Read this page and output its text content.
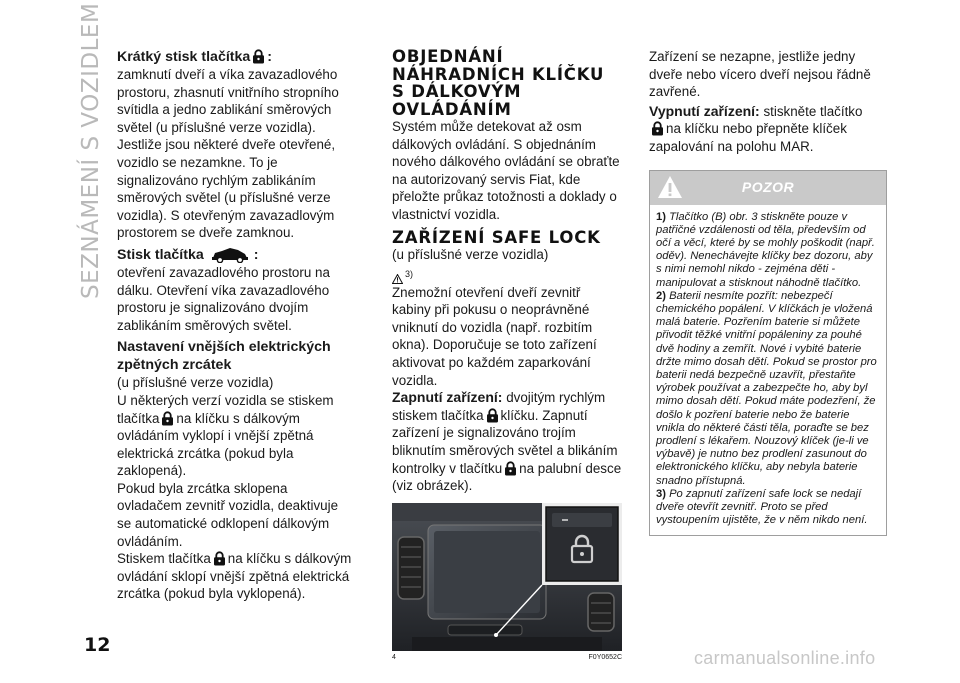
SEZNÁMENÍ S VOZIDLEM
12
Krátký stisk tlačítka :

zamknutí dveří a víka zavazadlového prostoru, zhasnutí vnitřního stropního svítidla a jedno zablikání směrových světel (u příslušné verze vozidla). Jestliže jsou některé dveře otevřené, vozidlo se nezamkne. To je signalizováno rychlým zablikáním směrových světel (u příslušné verze vozidla). S otevřeným zavazadlovým prostorem se dveře zamknou.

Stisk tlačítka	:

otevření zavazadlového prostoru na dálku. Otevření víka zavazadlového prostoru je signalizováno dvojím zablikáním směrových světel.

Nastavení vnějších elektrických zpětných zrcátek

(u příslušné verze vozidla)

U některých verzí vozidla se stiskem tlačítka na klíčku s dálkovým ovládáním vyklopí i vnější zpětná elektrická zrcátka (pokud byla zaklopená).

Pokud byla zrcátka sklopena ovladačem zevnitř vozidla, deaktivuje se automatické odklopení dálkovým ovládáním.

Stiskem tlačítka na klíčku s dálkovým ovládání sklopí vnější zpětná elektrická zrcátka (pokud byla vyklopená).

OBJEDNÁNÍ NÁHRADNÍCH KLÍČKU S DÁLKOVÝM OVLÁDÁNÍM

Systém může detekovat až osm dálkových ovládání. S objednáním nového dálkového ovládání se obraťte na autorizovaný servis Fiat, kde přeložte průkaz totožnosti a doklady o vlastnictví vozidla.

ZAŘÍZENÍ SAFE LOCK

(u příslušné verze vozidla)

3)

Znemožní otevření dveří zevnitř kabiny při pokusu o neoprávněné vniknutí do vozidla (např. rozbitím okna). Doporučuje se toto zařízení aktivovat po každém zaparkování vozidla.

Zapnutí zařízení: dvojitým rychlým stiskem tlačítka klíčku. Zapnutí zařízení je signalizováno trojím bliknutím směrových světel a blikáním kontrolky v tlačítku na palubní desce (viz obrázek).

4	F0Y0652C

Zařízení se nezapne, jestliže jedny dveře nebo vícero dveří nejsou řádně zavřené.

Vypnutí zařízení: stiskněte tlačítko
na klíčku nebo přepněte klíček zapalování na polohu MAR.

POZOR

1) Tlačítko (B) obr. 3 stiskněte pouze v patřičné vzdálenosti od těla, především od očí a věcí, které by se mohly poškodit (např. oděv). Nenechávejte klíčky bez dozoru, aby s nimi nemohl nikdo - zejména děti - manipulovat a stisknout náhodně tlačítko.

2) Baterii nesmíte pozřít: nebezpečí chemického popálení. V klíčkách je vložená malá baterie. Pozřením baterie si můžete přivodit těžké vnitřní popáleniny za pouhé dvě hodiny a zemřít. Nové i vybité baterie držte mimo dosah dětí. Pokud se prostor pro baterii nedá bezpečně uzavřít, přestaňte výrobek používat a zabezpečte ho, aby byl mimo dosah dětí. Pokud máte podezření, že došlo k pozření baterie nebo že baterie vnikla do některé části těla, poraďte se bez prodlení s lékařem. Nouzový klíček (je-li ve výbavě) je nutno bez prodlení zasunout do elektronického klíčku, aby nebyla baterie snadno přístupná.

3) Po zapnutí zařízení safe lock se nedají dveře otevřít zevnitř. Proto se před vystoupením ujistěte, že v něm nikdo není.

carmanualsonline.info
